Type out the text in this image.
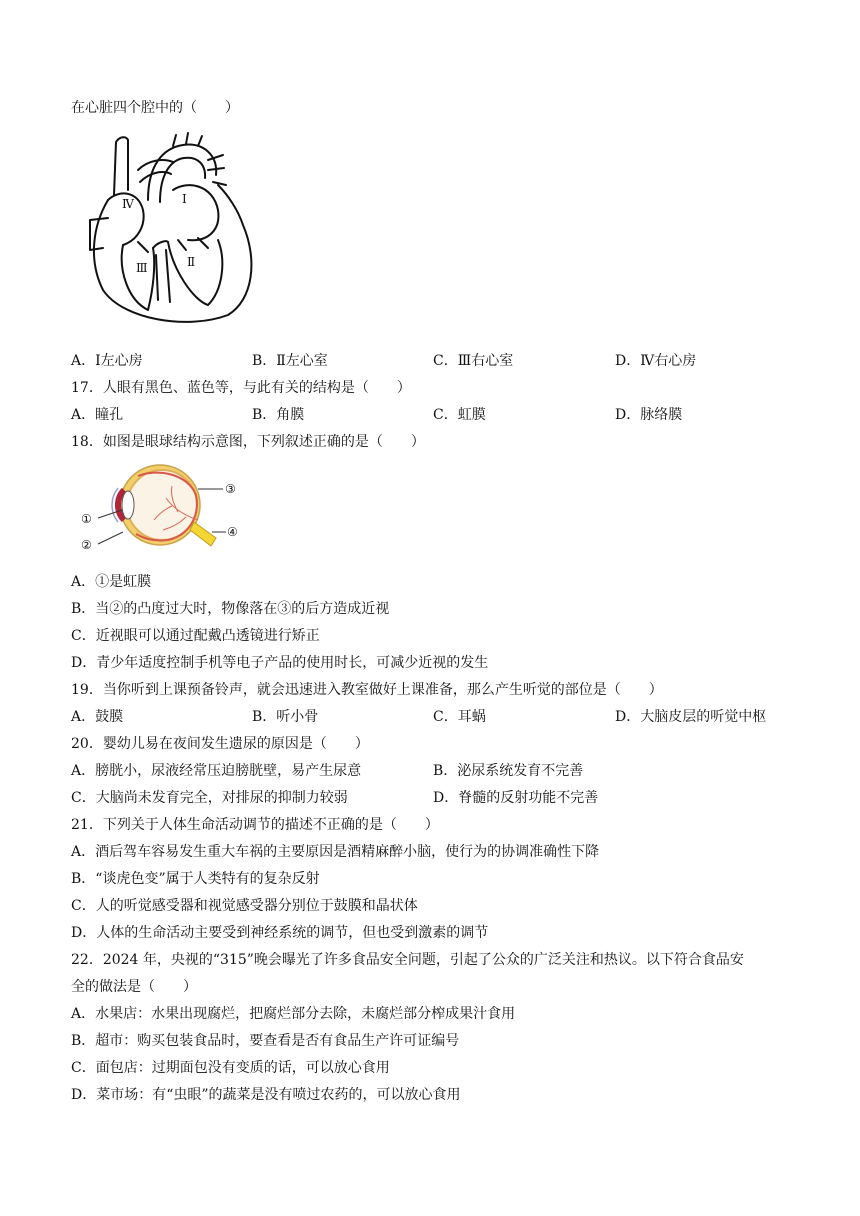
在心脏四个腔中的（　　）
Ⅰ
Ⅱ
Ⅲ
Ⅳ
A．Ⅰ左心房	B．Ⅱ左心室	C．Ⅲ右心室	D．Ⅳ右心房
17．人眼有黑色、蓝色等，与此有关的结构是（　　）
A．瞳孔	B．角膜	C．虹膜	D．脉络膜
18．如图是眼球结构示意图，下列叙述正确的是（　　）
①
②
③
④
A．①是虹膜
B．当②的凸度过大时，物像落在③的后方造成近视
C．近视眼可以通过配戴凸透镜进行矫正
D．青少年适度控制手机等电子产品的使用时长，可减少近视的发生
19．当你听到上课预备铃声，就会迅速进入教室做好上课准备，那么产生听觉的部位是（　　）
A．鼓膜	B．听小骨	C．耳蜗	D．大脑皮层的听觉中枢
20．婴幼儿易在夜间发生遗尿的原因是（　　）
A．膀胱小，尿液经常压迫膀胱壁，易产生尿意	B．泌尿系统发育不完善
C．大脑尚未发育完全，对排尿的抑制力较弱	D．脊髓的反射功能不完善
21．下列关于人体生命活动调节的描述不正确的是（　　）
A．酒后驾车容易发生重大车祸的主要原因是酒精麻醉小脑，使行为的协调准确性下降
B．“谈虎色变”属于人类特有的复杂反射
C．人的听觉感受器和视觉感受器分别位于鼓膜和晶状体
D．人体的生命活动主要受到神经系统的调节，但也受到激素的调节
22．2024 年，央视的“315”晚会曝光了许多食品安全问题，引起了公众的广泛关注和热议。以下符合食品安
全的做法是（　　）
A．水果店：水果出现腐烂，把腐烂部分去除，未腐烂部分榨成果汁食用
B．超市：购买包装食品时，要查看是否有食品生产许可证编号
C．面包店：过期面包没有变质的话，可以放心食用
D．菜市场：有“虫眼”的蔬菜是没有喷过农药的，可以放心食用
